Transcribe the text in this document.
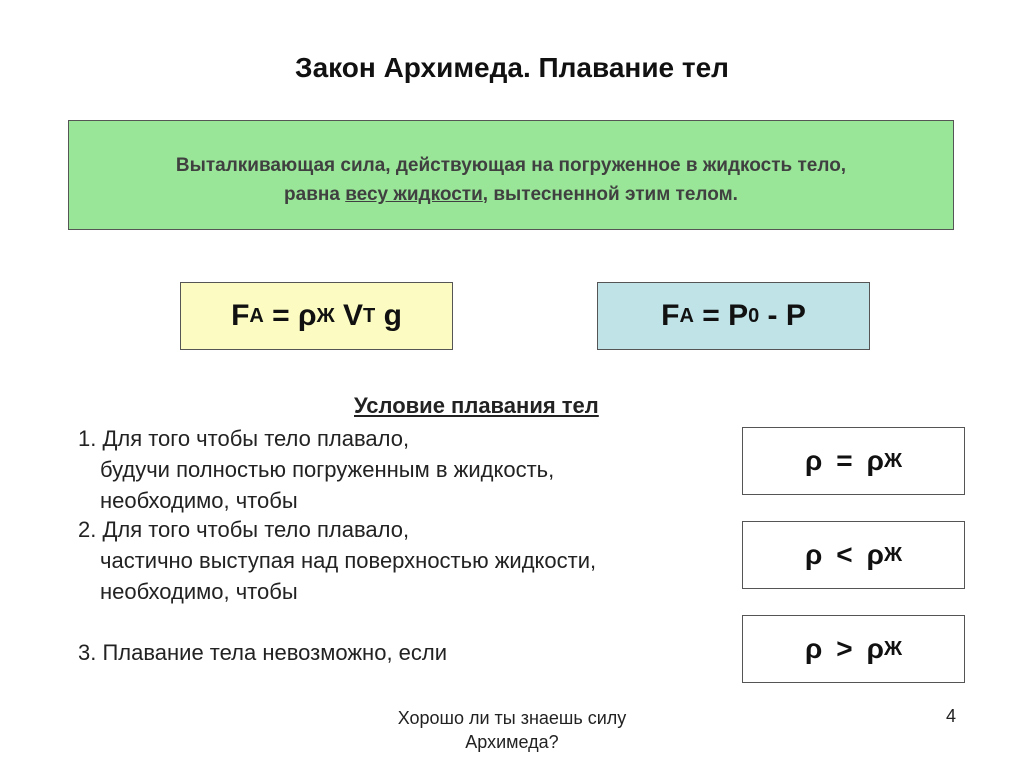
Закон Архимеда. Плавание тел
Выталкивающая сила, действующая на погруженное в жидкость тело,
равна весу жидкости, вытесненной этим телом.
F A = ρ Ж V T g	F A = P 0 - P
Условие плавания тел
1. Для того чтобы тело плавало,
будучи полностью погруженным в жидкость,
необходимо, чтобы
2. Для того чтобы тело плавало,
частично выступая над поверхностью жидкости,
необходимо, чтобы
3. Плавание тела невозможно, если
ρ = ρ Ж
ρ < ρ Ж
ρ > ρ Ж
Хорошо ли ты знаешь силу
Архимеда?
4
